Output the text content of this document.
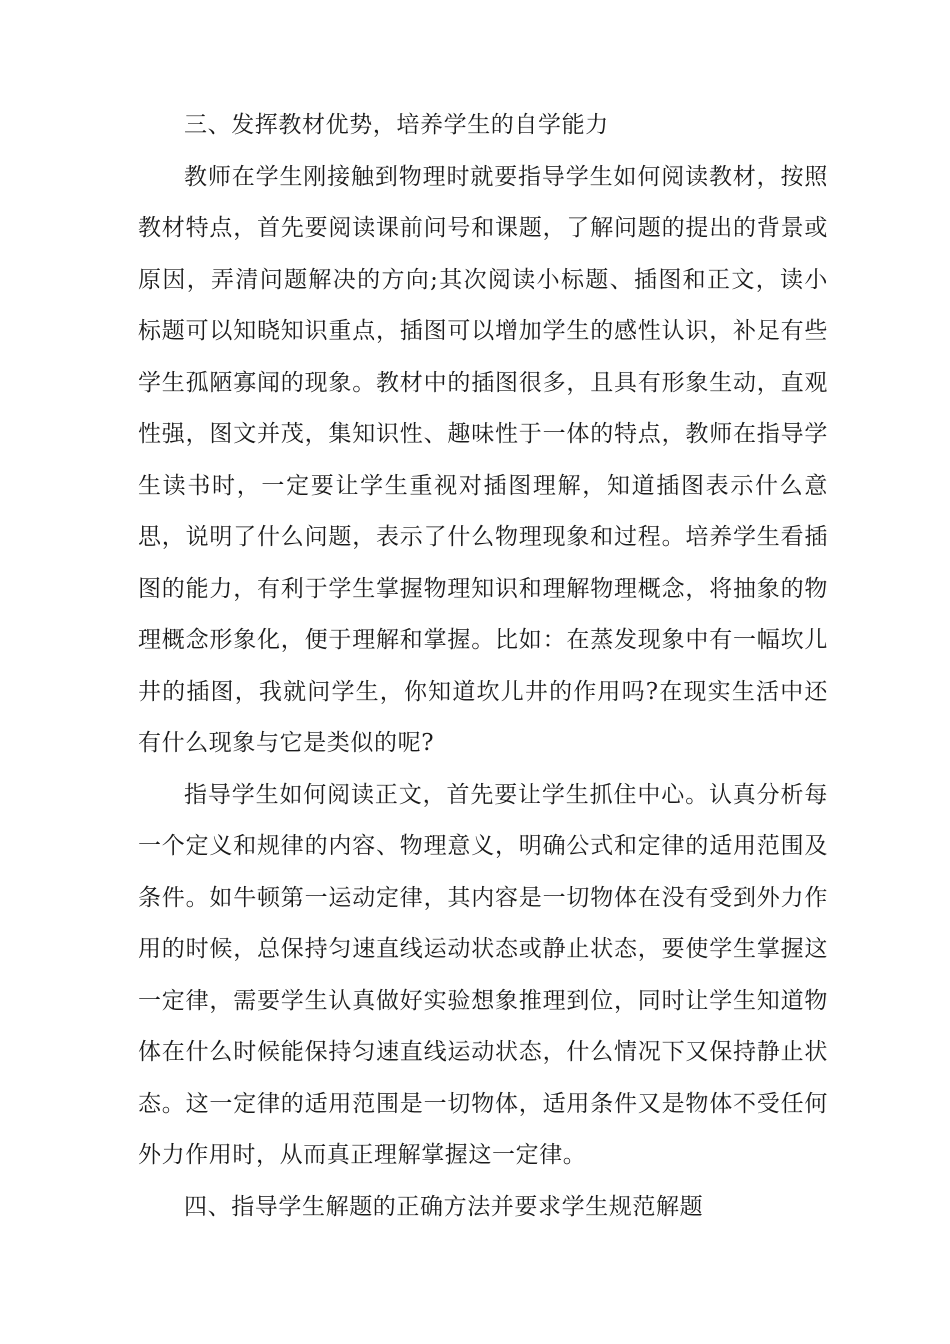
三、发挥教材优势，培养学生的自学能力

教师在学生刚接触到物理时就要指导学生如何阅读教材，按照教材特点，首先要阅读课前问号和课题，了解问题的提出的背景或原因，弄清问题解决的方向;其次阅读小标题、插图和正文，读小标题可以知晓知识重点，插图可以增加学生的感性认识，补足有些学生孤陋寡闻的现象。教材中的插图很多，且具有形象生动，直观性强，图文并茂，集知识性、趣味性于一体的特点，教师在指导学生读书时，一定要让学生重视对插图理解，知道插图表示什么意思，说明了什么问题，表示了什么物理现象和过程。培养学生看插图的能力，有利于学生掌握物理知识和理解物理概念，将抽象的物理概念形象化，便于理解和掌握。比如：在蒸发现象中有一幅坎儿井的插图，我就问学生，你知道坎儿井的作用吗?在现实生活中还有什么现象与它是类似的呢?

指导学生如何阅读正文，首先要让学生抓住中心。认真分析每一个定义和规律的内容、物理意义，明确公式和定律的适用范围及条件。如牛顿第一运动定律，其内容是一切物体在没有受到外力作用的时候，总保持匀速直线运动状态或静止状态，要使学生掌握这一定律，需要学生认真做好实验想象推理到位，同时让学生知道物体在什么时候能保持匀速直线运动状态，什么情况下又保持静止状态。这一定律的适用范围是一切物体，适用条件又是物体不受任何外力作用时，从而真正理解掌握这一定律。

四、指导学生解题的正确方法并要求学生规范解题
